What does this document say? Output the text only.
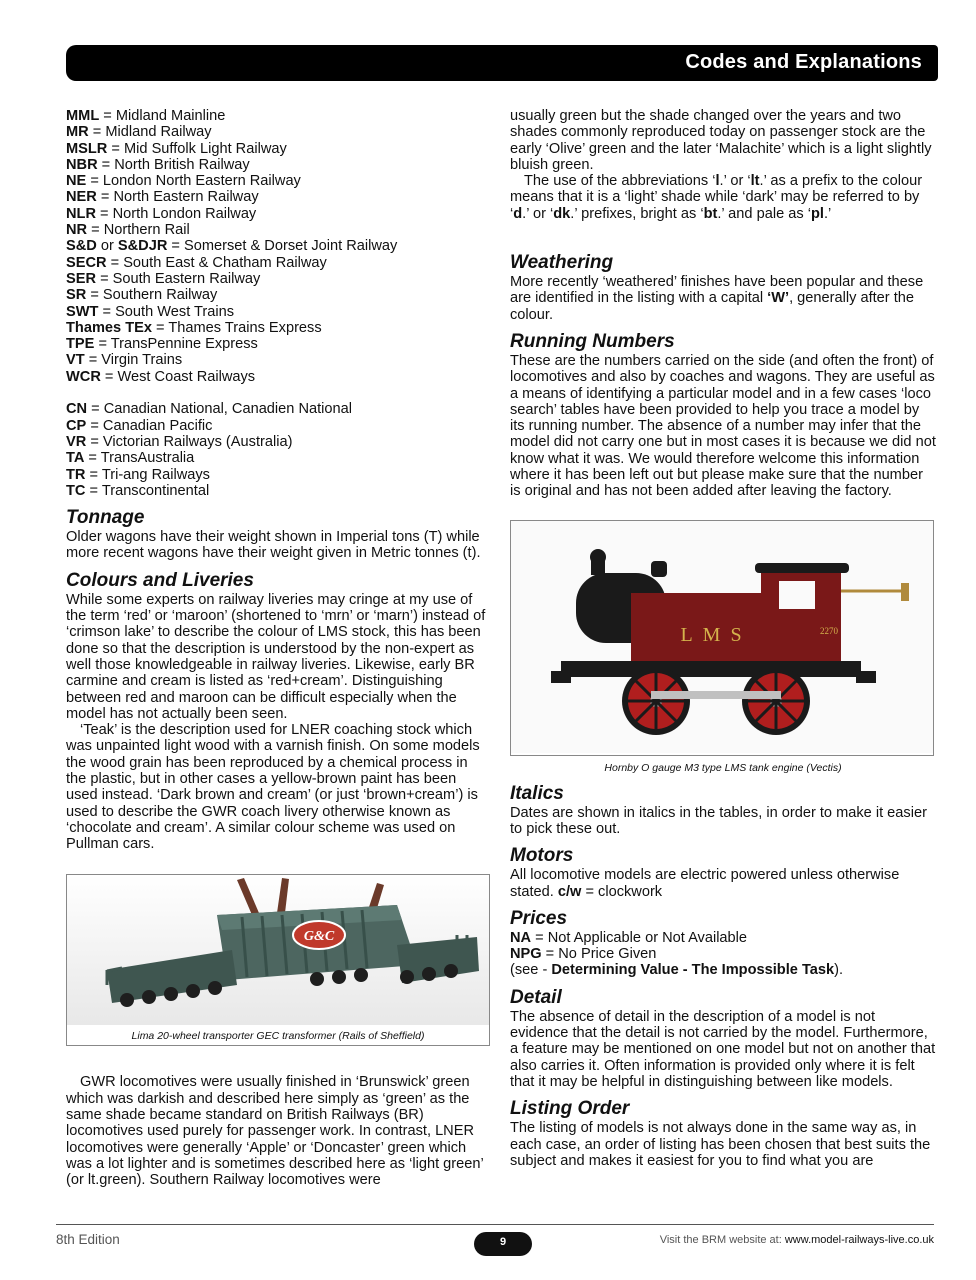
Codes and Explanations
MML = Midland Mainline
MR = Midland Railway
MSLR = Mid Suffolk Light Railway
NBR = North British Railway
NE = London North Eastern Railway
NER = North Eastern Railway
NLR = North London Railway
NR = Northern Rail
S&D or S&DJR = Somerset & Dorset Joint Railway
SECR = South East & Chatham Railway
SER = South Eastern Railway
SR = Southern Railway
SWT = South West Trains
Thames TEx = Thames Trains Express
TPE = TransPennine Express
VT = Virgin Trains
WCR = West Coast Railways
CN = Canadian National, Canadien National
CP = Canadian Pacific
VR = Victorian Railways (Australia)
TA = TransAustralia
TR = Tri-ang Railways
TC = Transcontinental
Tonnage

Older wagons have their weight shown in Imperial tons (T) while more recent wagons have their weight given in Metric tonnes (t).

Colours and Liveries

While some experts on railway liveries may cringe at my use of the term ‘red’ or ‘maroon’ (shortened to ‘mrn’ or ‘marn’) instead of ‘crimson lake’ to describe the colour of LMS stock, this has been done so that the description is understood by the non-expert as well those knowledgeable in railway liveries. Likewise, early BR carmine and cream is listed as ‘red+cream’. Distinguishing between red and maroon can be difficult especially when the model has not actually been seen.

‘Teak’ is the description used for LNER coaching stock which was unpainted light wood with a varnish finish. On some models the wood grain has been reproduced by a chemical process in the plastic, but in other cases a yellow-brown paint has been used instead. ‘Dark brown and cream’ (or just ‘brown+cream’) is used to describe the GWR coach livery otherwise known as ‘chocolate and cream’. A similar colour scheme was used on Pullman cars.

G&C
Lima 20-wheel transporter GEC transformer (Rails of Sheffield)

GWR locomotives were usually finished in ‘Brunswick’ green which was darkish and described here simply as ‘green’ as the same shade became standard on British Railways (BR) locomotives used purely for passenger work. In contrast, LNER locomotives were generally ‘Apple’ or ‘Doncaster’ green which was a lot lighter and is sometimes described here as ‘light green’ (or lt.green). Southern Railway locomotives were

usually green but the shade changed over the years and two shades commonly reproduced today on passenger stock are the early ‘Olive’ green and the later ‘Malachite’ which is a light slightly bluish green.

The use of the abbreviations ‘l.’ or ‘lt.’ as a prefix to the colour means that it is a ‘light’ shade while ‘dark’ may be referred to by ‘d.’ or ‘dk.’ prefixes, bright as ‘bt.’ and pale as ‘pl.’

Weathering

More recently ‘weathered’ finishes have been popular and these are identified in the listing with a capital ‘W’, generally after the colour.

Running Numbers

These are the numbers carried on the side (and often the front) of locomotives and also by coaches and wagons. They are useful as a means of identifying a particular model and in a few cases ‘loco search’ tables have been provided to help you trace a model by its running number. The absence of a number may infer that the model did not carry one but in most cases it is because we did not know what it was. We would therefore welcome this information where it has been left out but please make sure that the number is original and has not been added after leaving the factory.

LMS	2270
Hornby O gauge M3 type LMS tank engine (Vectis)
Italics

Dates are shown in italics in the tables, in order to make it easier to pick these out.

Motors

All locomotive models are electric powered unless otherwise stated. c/w = clockwork

Prices

NA = Not Applicable or Not Available

NPG = No Price Given

(see - Determining Value - The Impossible Task).

Detail

The absence of detail in the description of a model is not evidence that the detail is not carried by the model. Furthermore, a feature may be mentioned on one model but not on another that also carries it. Often information is provided only where it is felt that it may be helpful in distinguishing between like models.

Listing Order

The listing of models is not always done in the same way as, in each case, an order of listing has been chosen that best suits the subject and makes it easiest for you to find what you are

8th Edition	9	Visit the BRM website at: www.model-railways-live.co.uk
